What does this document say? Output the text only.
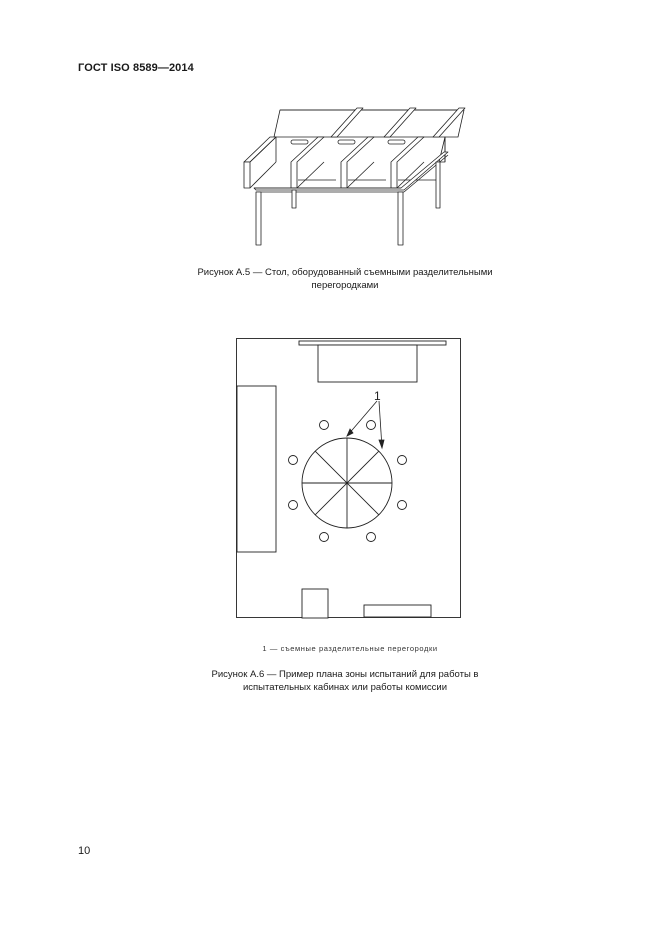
ГОСТ ISO 8589—2014
Рисунок А.5 — Стол, оборудованный съемными разделительными
перегородками
1
1 — съемные разделительные перегородки
Рисунок А.6 — Пример плана зоны испытаний для работы в
испытательных кабинах или работы комиссии
10
